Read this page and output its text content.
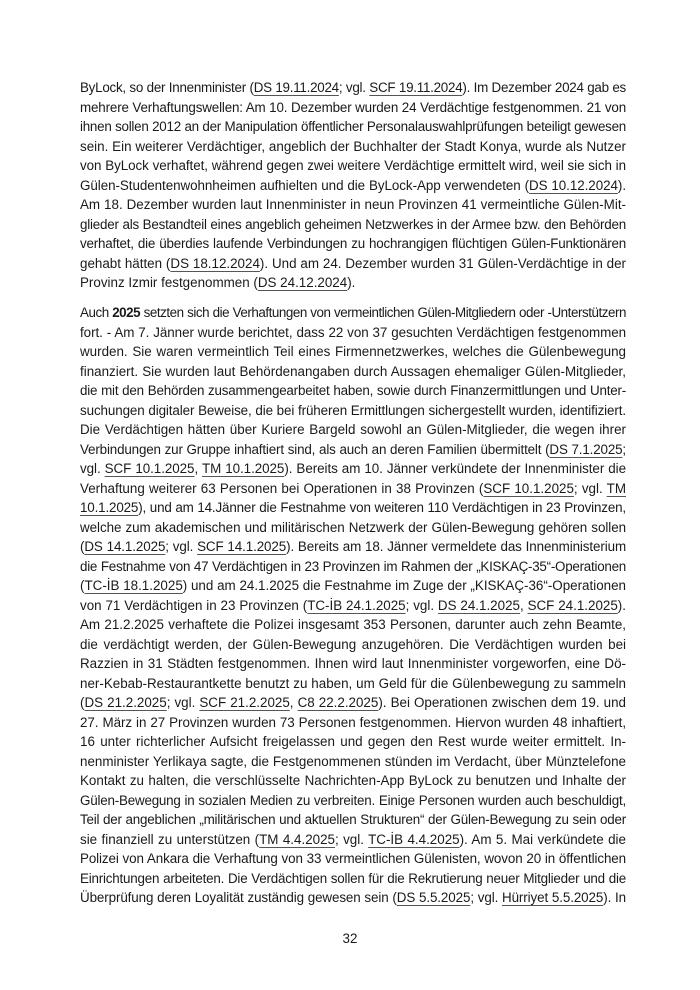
ByLock, so der Innenminister (DS 19.11.2024; vgl. SCF 19.11.2024). Im Dezember 2024 gab es
mehrere Verhaftungswellen: Am 10. Dezember wurden 24 Verdächtige festgenommen. 21 von
ihnen sollen 2012 an der Manipulation öffentlicher Personalauswahlprüfungen beteiligt gewesen
sein. Ein weiterer Verdächtiger, angeblich der Buchhalter der Stadt Konya, wurde als Nutzer
von ByLock verhaftet, während gegen zwei weitere Verdächtige ermittelt wird, weil sie sich in
Gülen-Studentenwohnheimen aufhielten und die ByLock-App verwendeten (DS 10.12.2024).
Am 18. Dezember wurden laut Innenminister in neun Provinzen 41 vermeintliche Gülen-Mit-
glieder als Bestandteil eines angeblich geheimen Netzwerkes in der Armee bzw. den Behörden
verhaftet, die überdies laufende Verbindungen zu hochrangigen flüchtigen Gülen-Funktionären
gehabt hätten (DS 18.12.2024). Und am 24. Dezember wurden 31 Gülen-Verdächtige in der
Provinz Izmir festgenommen (DS 24.12.2024).
Auch 2025 setzten sich die Verhaftungen von vermeintlichen Gülen-Mitgliedern oder -Unterstützern
fort. - Am 7. Jänner wurde berichtet, dass 22 von 37 gesuchten Verdächtigen festgenommen
wurden. Sie waren vermeintlich Teil eines Firmennetzwerkes, welches die Gülenbewegung
finanziert. Sie wurden laut Behördenangaben durch Aussagen ehemaliger Gülen-Mitglieder,
die mit den Behörden zusammengearbeitet haben, sowie durch Finanzermittlungen und Unter-
suchungen digitaler Beweise, die bei früheren Ermittlungen sichergestellt wurden, identifiziert.
Die Verdächtigen hätten über Kuriere Bargeld sowohl an Gülen-Mitglieder, die wegen ihrer
Verbindungen zur Gruppe inhaftiert sind, als auch an deren Familien übermittelt (DS 7.1.2025;
vgl. SCF 10.1.2025, TM 10.1.2025). Bereits am 10. Jänner verkündete der Innenminister die
Verhaftung weiterer 63 Personen bei Operationen in 38 Provinzen (SCF 10.1.2025; vgl. TM
10.1.2025), und am 14.Jänner die Festnahme von weiteren 110 Verdächtigen in 23 Provinzen,
welche zum akademischen und militärischen Netzwerk der Gülen-Bewegung gehören sollen
(DS 14.1.2025; vgl. SCF 14.1.2025). Bereits am 18. Jänner vermeldete das Innenministerium
die Festnahme von 47 Verdächtigen in 23 Provinzen im Rahmen der „KISKAÇ-35“-Operationen
(TC-İB 18.1.2025) und am 24.1.2025 die Festnahme im Zuge der „KISKAÇ-36“-Operationen
von 71 Verdächtigen in 23 Provinzen (TC-İB 24.1.2025; vgl. DS 24.1.2025, SCF 24.1.2025).
Am 21.2.2025 verhaftete die Polizei insgesamt 353 Personen, darunter auch zehn Beamte,
die verdächtigt werden, der Gülen-Bewegung anzugehören. Die Verdächtigen wurden bei
Razzien in 31 Städten festgenommen. Ihnen wird laut Innenminister vorgeworfen, eine Dö-
ner-Kebab-Restaurantkette benutzt zu haben, um Geld für die Gülenbewegung zu sammeln
(DS 21.2.2025; vgl. SCF 21.2.2025, C8 22.2.2025). Bei Operationen zwischen dem 19. und
27. März in 27 Provinzen wurden 73 Personen festgenommen. Hiervon wurden 48 inhaftiert,
16 unter richterlicher Aufsicht freigelassen und gegen den Rest wurde weiter ermittelt. In-
nenminister Yerlikaya sagte, die Festgenommenen stünden im Verdacht, über Münztelefone
Kontakt zu halten, die verschlüsselte Nachrichten-App ByLock zu benutzen und Inhalte der
Gülen-Bewegung in sozialen Medien zu verbreiten. Einige Personen wurden auch beschuldigt,
Teil der angeblichen „militärischen und aktuellen Strukturen“ der Gülen-Bewegung zu sein oder
sie finanziell zu unterstützen (TM 4.4.2025; vgl. TC-İB 4.4.2025). Am 5. Mai verkündete die
Polizei von Ankara die Verhaftung von 33 vermeintlichen Gülenisten, wovon 20 in öffentlichen
Einrichtungen arbeiteten. Die Verdächtigen sollen für die Rekrutierung neuer Mitglieder und die
Überprüfung deren Loyalität zuständig gewesen sein (DS 5.5.2025; vgl. Hürriyet 5.5.2025). In
32
